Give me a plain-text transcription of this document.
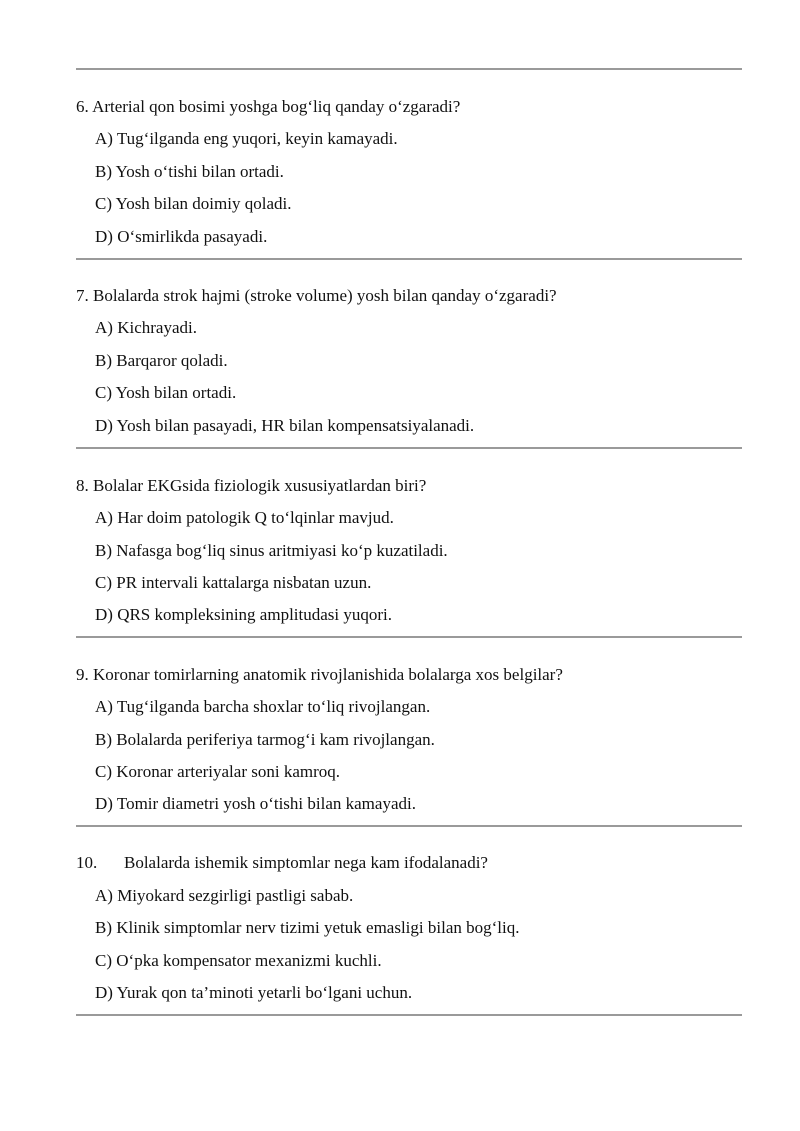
6. Arterial qon bosimi yoshga bog‘liq qanday o‘zgaradi?

A) Tug‘ilganda eng yuqori, keyin kamayadi.

B) Yosh o‘tishi bilan ortadi.

C) Yosh bilan doimiy qoladi.

D) O‘smirlikda pasayadi.

7. Bolalarda strok hajmi (stroke volume) yosh bilan qanday o‘zgaradi?

A) Kichrayadi.

B) Barqaror qoladi.

C) Yosh bilan ortadi.

D) Yosh bilan pasayadi, HR bilan kompensatsiyalanadi.

8. Bolalar EKGsida fiziologik xususiyatlardan biri?

A) Har doim patologik Q to‘lqinlar mavjud.

B) Nafasga bog‘liq sinus aritmiyasi ko‘p kuzatiladi.

C) PR intervali kattalarga nisbatan uzun.

D) QRS kompleksining amplitudasi yuqori.

9. Koronar tomirlarning anatomik rivojlanishida bolalarga xos belgilar?

A) Tug‘ilganda barcha shoxlar to‘liq rivojlangan.

B) Bolalarda periferiya tarmog‘i kam rivojlangan.

C) Koronar arteriyalar soni kamroq.

D) Tomir diametri yosh o‘tishi bilan kamayadi.

10. Bolalarda ishemik simptomlar nega kam ifodalanadi?

A) Miyokard sezgirligi pastligi sabab.

B) Klinik simptomlar nerv tizimi yetuk emasligi bilan bog‘liq.

C) O‘pka kompensator mexanizmi kuchli.

D) Yurak qon ta’minoti yetarli bo‘lgani uchun.
